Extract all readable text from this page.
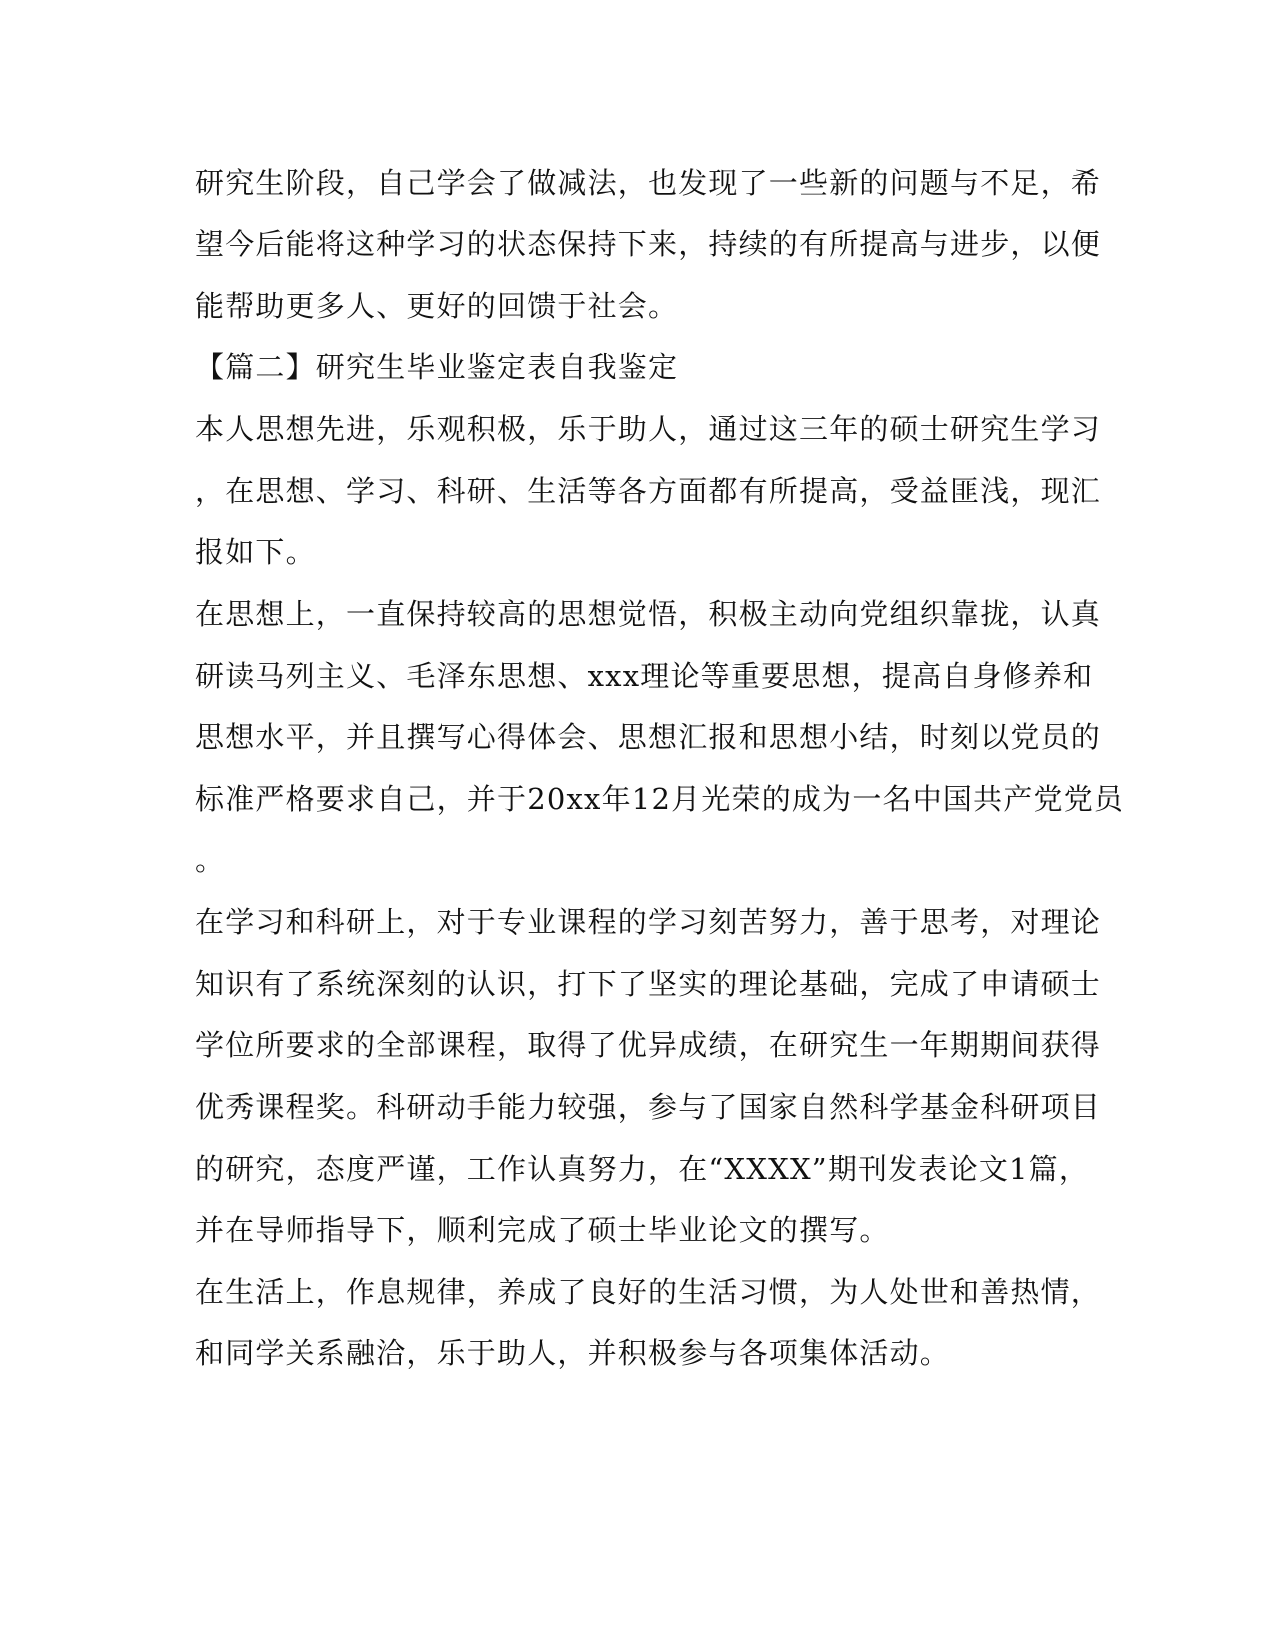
研究生阶段，自己学会了做减法，也发现了一些新的问题与不足，希

望今后能将这种学习的状态保持下来，持续的有所提高与进步，以便

能帮助更多人、更好的回馈于社会。

【篇二】研究生毕业鉴定表自我鉴定

本人思想先进，乐观积极，乐于助人，通过这三年的硕士研究生学习

，在思想、学习、科研、生活等各方面都有所提高，受益匪浅，现汇

报如下。

在思想上，一直保持较高的思想觉悟，积极主动向党组织靠拢，认真

研读马列主义、毛泽东思想、xxx理论等重要思想，提高自身修养和

思想水平，并且撰写心得体会、思想汇报和思想小结，时刻以党员的

标准严格要求自己，并于20xx年12月光荣的成为一名中国共产党党员

。

在学习和科研上，对于专业课程的学习刻苦努力，善于思考，对理论

知识有了系统深刻的认识，打下了坚实的理论基础，完成了申请硕士

学位所要求的全部课程，取得了优异成绩，在研究生一年期期间获得

优秀课程奖。科研动手能力较强，参与了国家自然科学基金科研项目

的研究，态度严谨，工作认真努力，在“XXXX”期刊发表论文1篇，

并在导师指导下，顺利完成了硕士毕业论文的撰写。

在生活上，作息规律，养成了良好的生活习惯，为人处世和善热情，

和同学关系融洽，乐于助人，并积极参与各项集体活动。
